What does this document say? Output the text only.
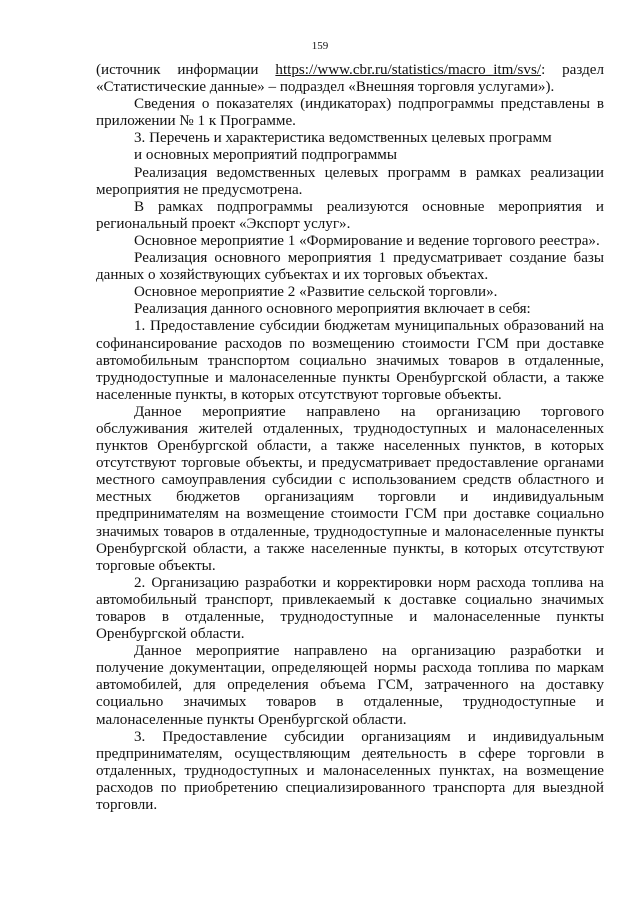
159

(источник информации https://www.cbr.ru/statistics/macro_itm/svs/: раздел «Статистические данные» – подраздел «Внешняя торговля услугами»).

Сведения о показателях (индикаторах) подпрограммы представлены в приложении № 1 к Программе.

3. Перечень и характеристика ведомственных целевых программ
и основных мероприятий подпрограммы

Реализация ведомственных целевых программ в рамках реализации мероприятия не предусмотрена.

В рамках подпрограммы реализуются основные мероприятия и региональный проект «Экспорт услуг».

Основное мероприятие 1 «Формирование и ведение торгового реестра».

Реализация основного мероприятия 1 предусматривает создание базы данных о хозяйствующих субъектах и их торговых объектах.

Основное мероприятие 2 «Развитие сельской торговли».

Реализация данного основного мероприятия включает в себя:

1. Предоставление субсидии бюджетам муниципальных образований на софинансирование расходов по возмещению стоимости ГСМ при доставке автомобильным транспортом социально значимых товаров в отдаленные, труднодоступные и малонаселенные пункты Оренбургской области, а также населенные пункты, в которых отсутствуют торговые объекты.

Данное мероприятие направлено на организацию торгового обслуживания жителей отдаленных, труднодоступных и малонаселенных пунктов Оренбургской области, а также населенных пунктов, в которых отсутствуют торговые объекты, и предусматривает предоставление органами местного самоуправления субсидии с использованием средств областного и местных бюджетов организациям торговли и индивидуальным предпринимателям на возмещение стоимости ГСМ при доставке социально значимых товаров в отдаленные, труднодоступные и малонаселенные пункты Оренбургской области, а также населенные пункты, в которых отсутствуют торговые объекты.

2. Организацию разработки и корректировки норм расхода топлива на автомобильный транспорт, привлекаемый к доставке социально значимых товаров в отдаленные, труднодоступные и малонаселенные пункты Оренбургской области.

Данное мероприятие направлено на организацию разработки и получение документации, определяющей нормы расхода топлива по маркам автомобилей, для определения объема ГСМ, затраченного на доставку социально значимых товаров в отдаленные, труднодоступные и малонаселенные пункты Оренбургской области.

3. Предоставление субсидии организациям и индивидуальным предпринимателям, осуществляющим деятельность в сфере торговли в отдаленных, труднодоступных и малонаселенных пунктах, на возмещение расходов по приобретению специализированного транспорта для выездной торговли.
